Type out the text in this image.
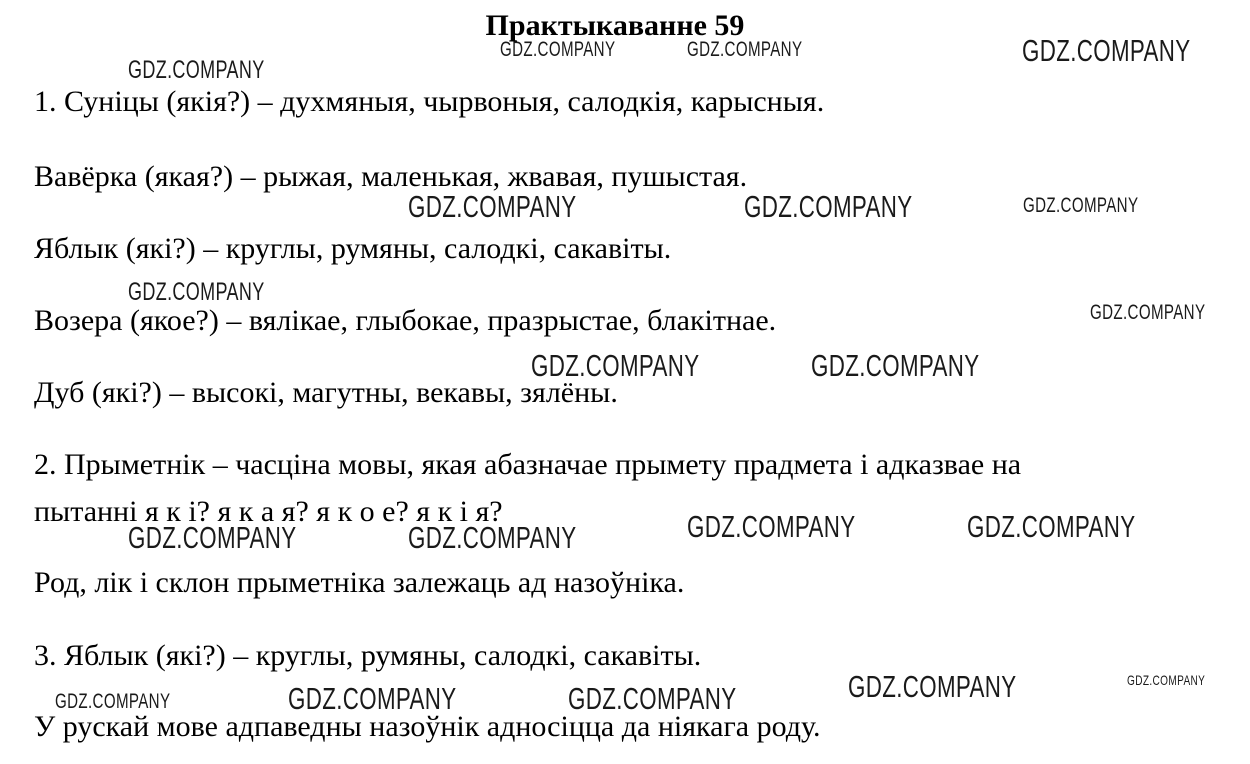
Практыкаванне 59
1. Суніцы (якія?) – духмяныя, чырвоныя, салодкія, карысныя.
Вавёрка (якая?) – рыжая, маленькая, жвавая, пушыстая.
Яблык (які?) – круглы, румяны, салодкі, сакавіты.
Возера (якое?) – вялікае, глыбокае, празрыстае, блакітнае.
Дуб (які?) – высокі, магутны, векавы, зялёны.
2. Прыметнік – часціна мовы, якая абазначае прымету прадмета і адказвае на
пытанні я к і? я к а я? я к о е? я к і я?
Род, лік і склон прыметніка залежаць ад назоўніка.
3. Яблык (які?) – круглы, румяны, салодкі, сакавіты.
У рускай мове адпаведны назоўнік адносіцца да ніякага роду.
GDZ.COMPANY
GDZ.COMPANY	GDZ.COMPANY	GDZ.COMPANY
GDZ.COMPANY	GDZ.COMPANY	GDZ.COMPANY
GDZ.COMPANY
GDZ.COMPANY
GDZ.COMPANY	GDZ.COMPANY
GDZ.COMPANY	GDZ.COMPANY
GDZ.COMPANY	GDZ.COMPANY
GDZ.COMPANY	GDZ.COMPANY
GDZ.COMPANY	GDZ.COMPANY	GDZ.COMPANY
